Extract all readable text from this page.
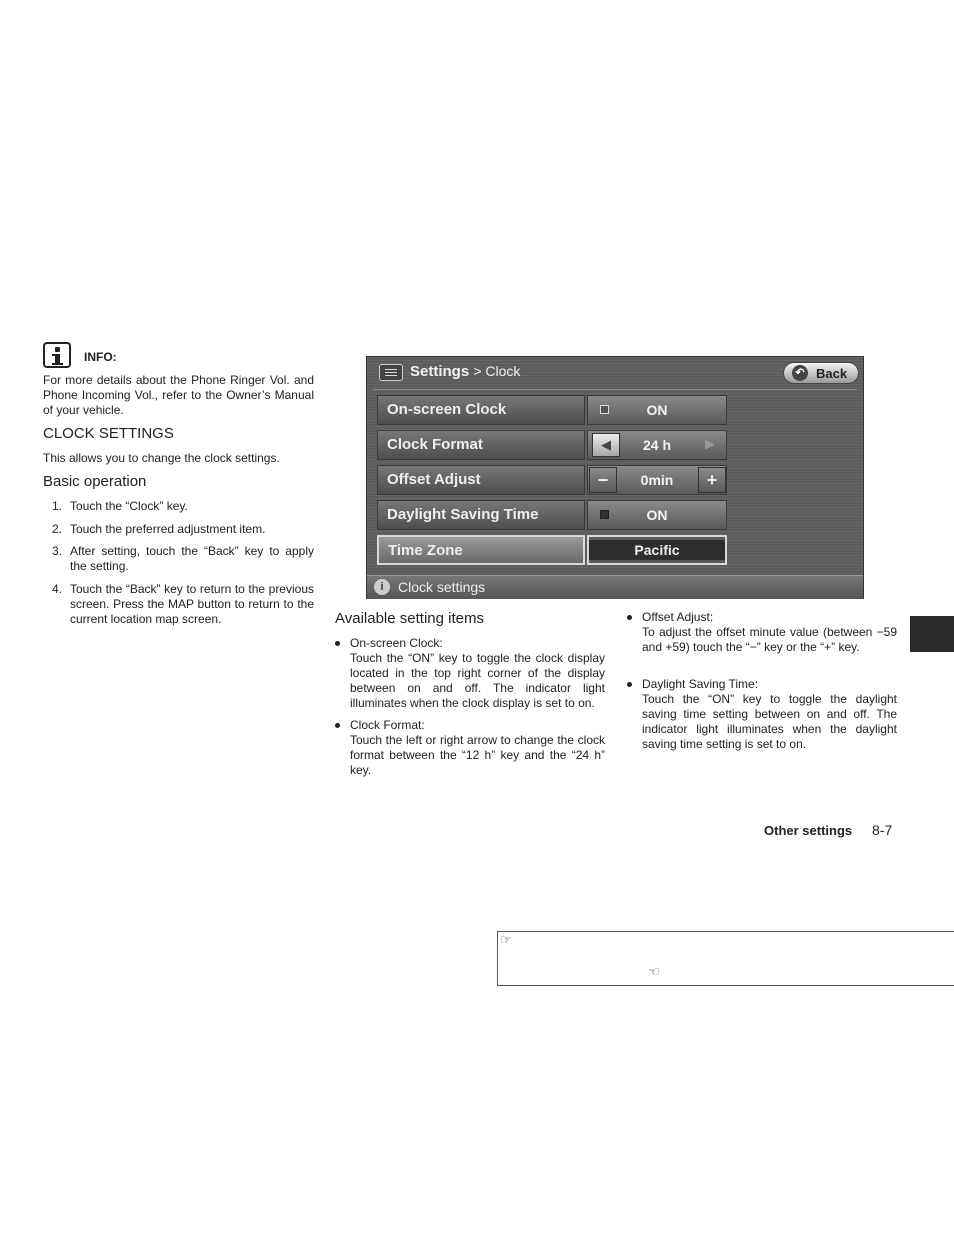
INFO:

For more details about the Phone Ringer Vol. and Phone Incoming Vol., refer to the Owner’s Manual of your vehicle.

CLOCK SETTINGS

This allows you to change the clock settings.

Basic operation
1. Touch the “Clock” key.
2. Touch the preferred adjustment item.
3. After setting, touch the “Back” key to apply the setting.
4. Touch the “Back” key to return to the previous screen. Press the MAP button to return to the current location map screen.
Settings > Clock	↶ Back
On-screen Clock	ON
Clock Format	◀	24 h	▶
Offset Adjust	−	0min	+
Daylight Saving Time	ON
Time Zone	Pacific
i	Clock settings
Available setting items
On-screen Clock:
Touch the “ON” key to toggle the clock display located in the top right corner of the display between on and off. The indicator light illuminates when the clock display is set to on.
Clock Format:
Touch the left or right arrow to change the clock format between the “12 h” key and the “24 h” key.
Offset Adjust:
To adjust the offset minute value (between −59 and +59) touch the “−” key or the “+” key.
Daylight Saving Time:
Touch the “ON” key to toggle the daylight saving time setting between on and off. The indicator light illuminates when the daylight saving time setting is set to on.
Other settings 8-7
☞
☜
